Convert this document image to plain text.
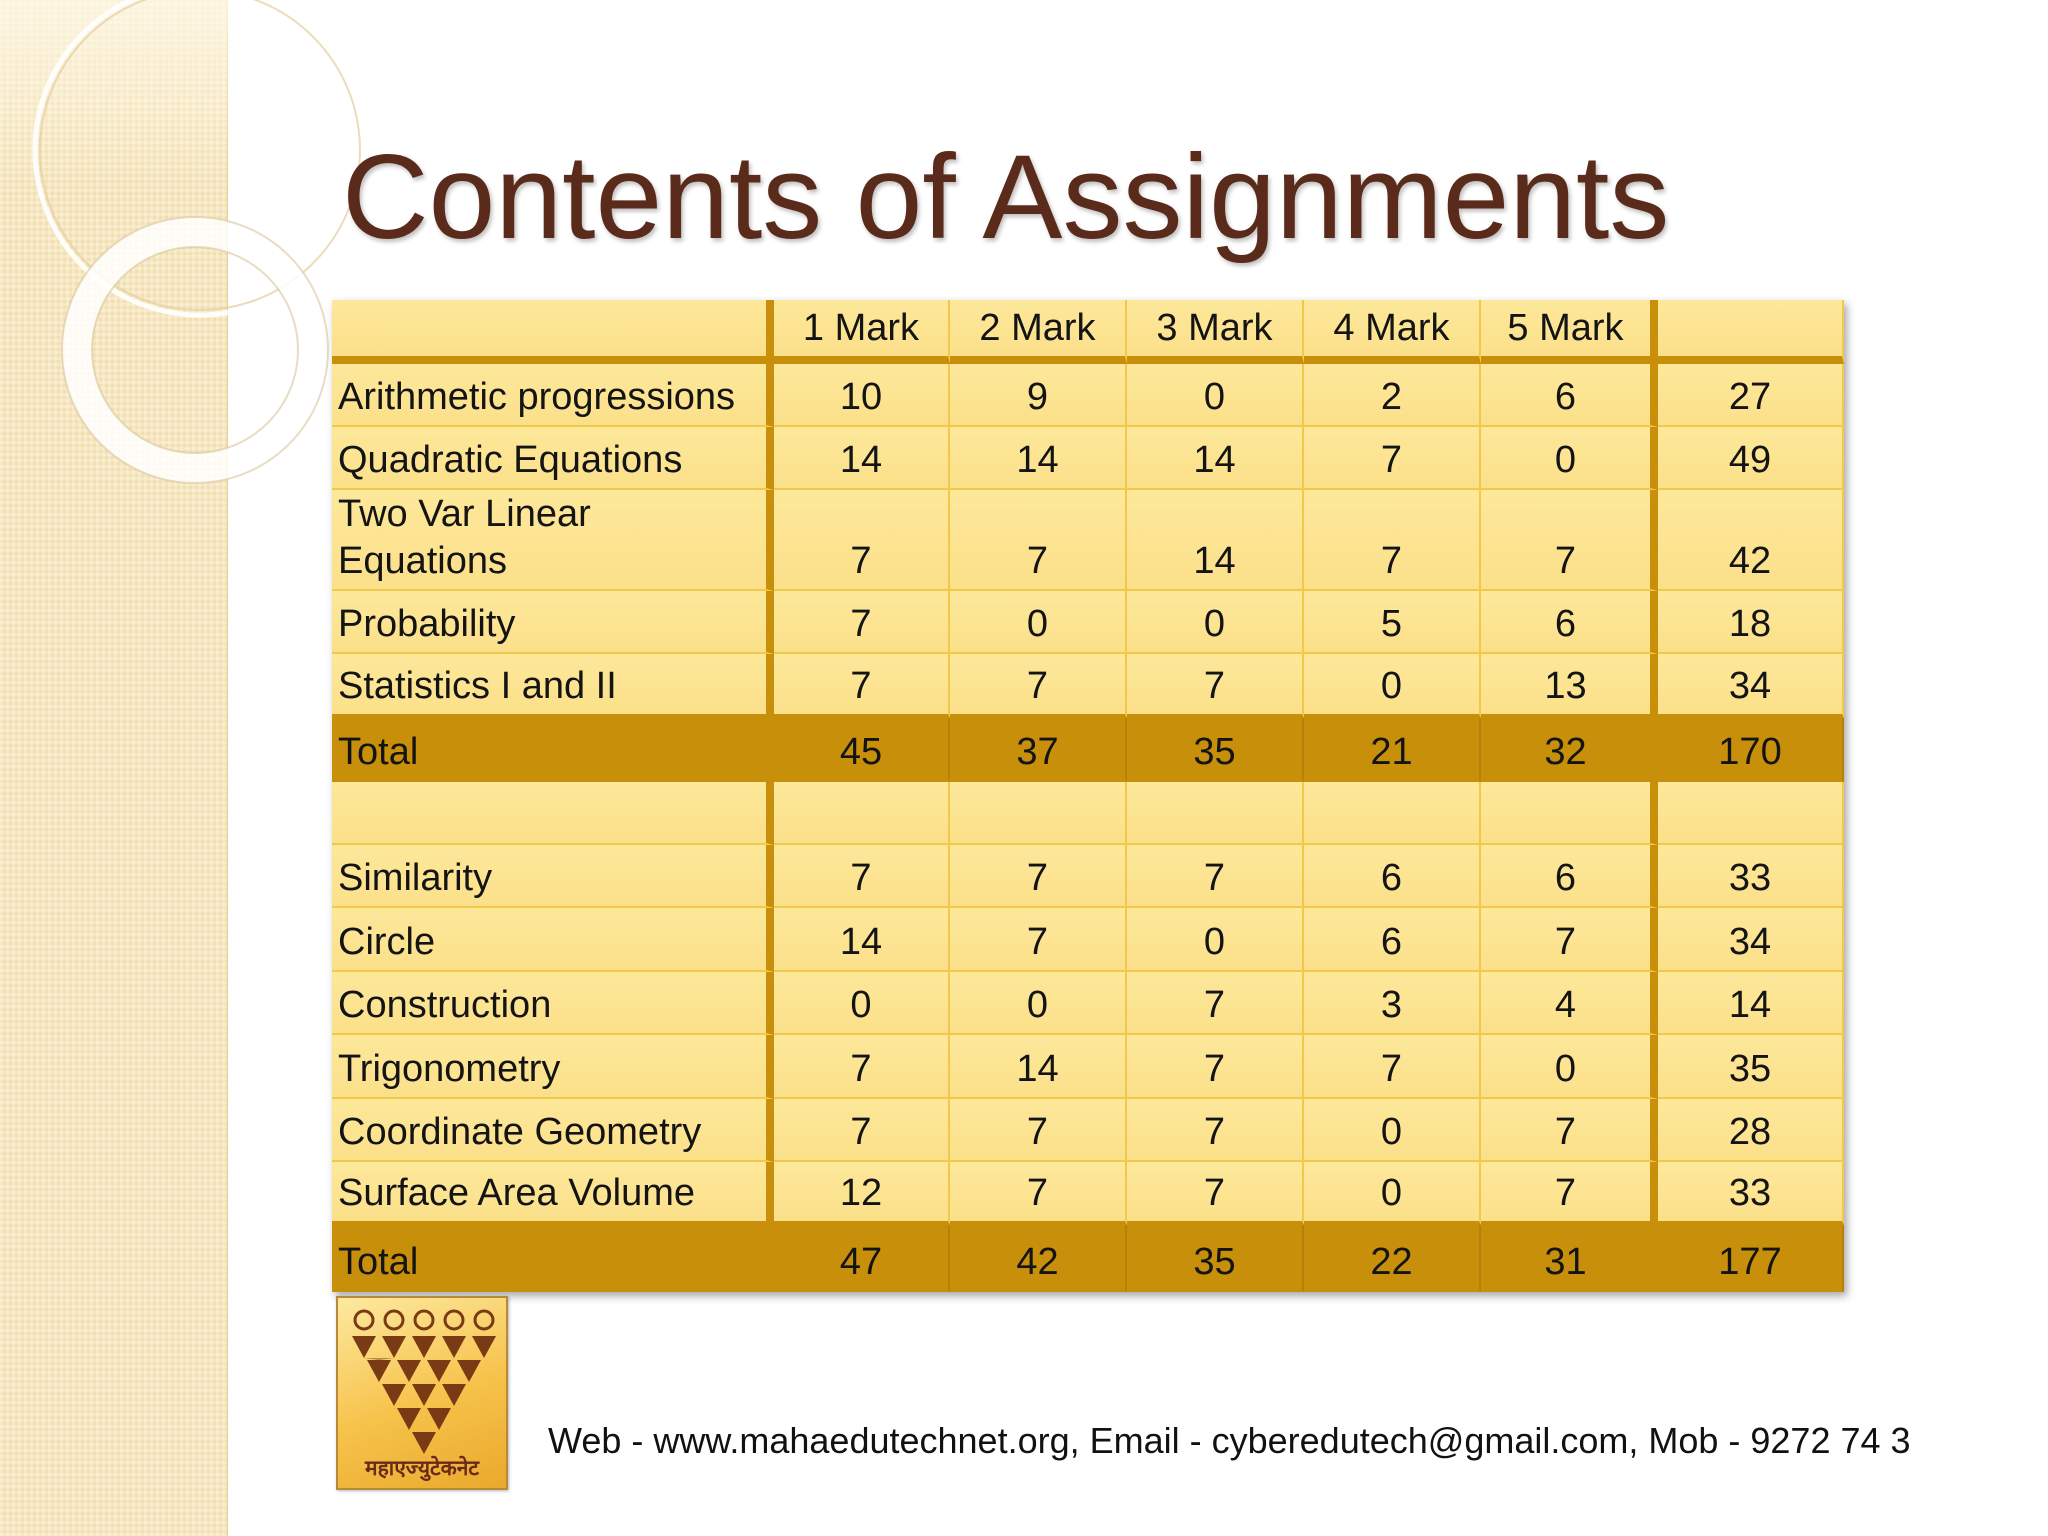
Contents of Assignments
	1 Mark	2 Mark	3 Mark	4 Mark	5 Mark	
Arithmetic progressions	10	9	0	2	6	27
Quadratic Equations	14	14	14	7	0	49

Two Var Linear
Equations	7	7	14	7	7	42
Probability	7	0	0	5	6	18
Statistics I and II	7	7	7	0	13	34
Total	45	37	35	21	32	170

Similarity	7	7	7	6	6	33
Circle	14	7	0	6	7	34
Construction	0	0	7	3	4	14
Trigonometry	7	14	7	7	0	35
Coordinate Geometry	7	7	7	0	7	28
Surface Area Volume	12	7	7	0	7	33
Total	47	42	35	22	31	177
महाएज्युटेकनेट
Web - www.mahaedutechnet.org, Email - cyberedutech@gmail.com, Mob - 9272 74 3
